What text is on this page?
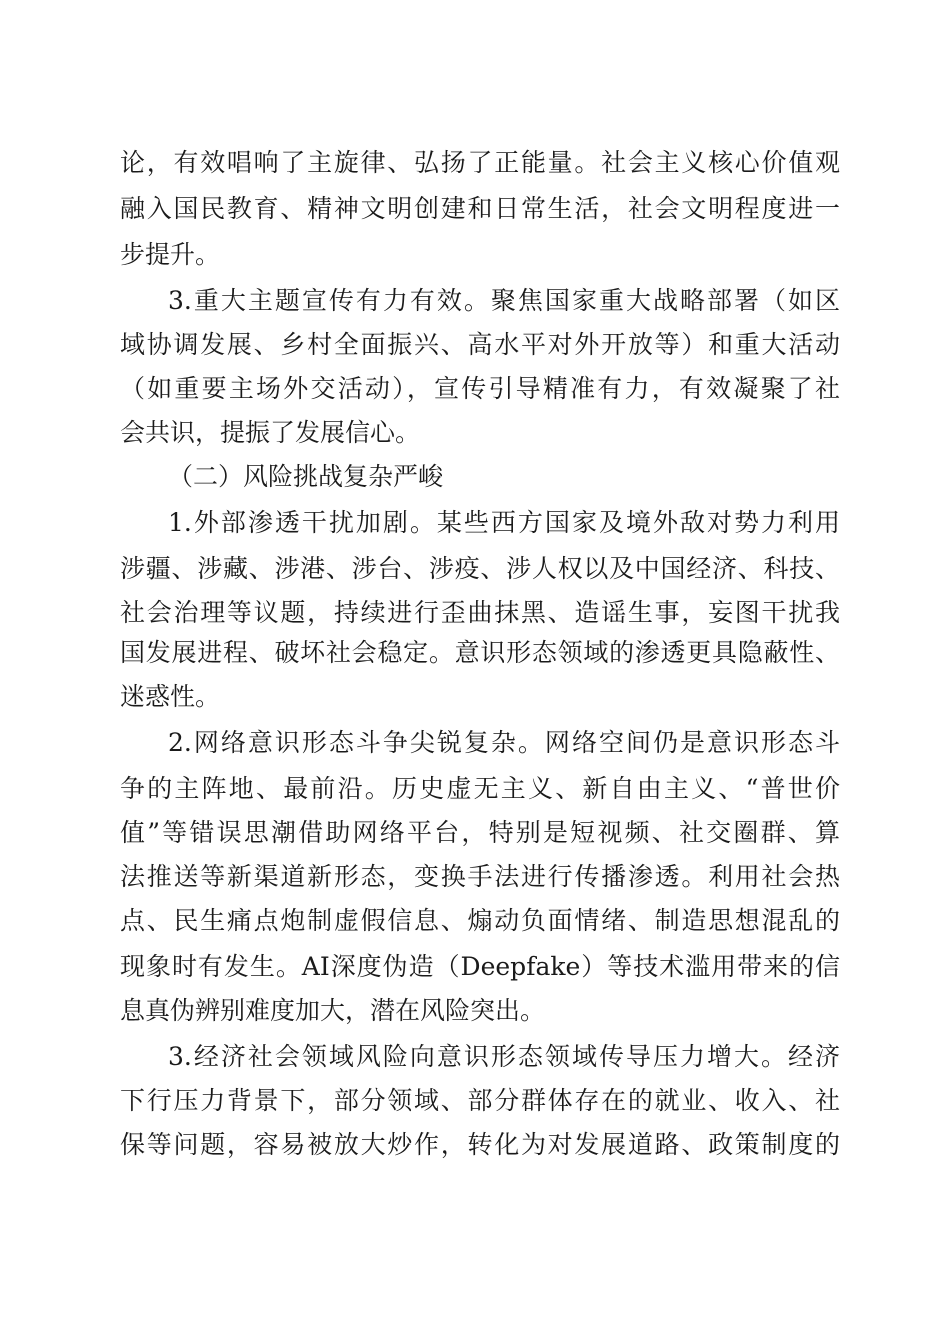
论，有效唱响了主旋律、弘扬了正能量。社会主义核心价值观
融入国民教育、精神文明创建和日常生活，社会文明程度进一
步提升。
3.重大主题宣传有力有效。聚焦国家重大战略部署（如区
域协调发展、乡村全面振兴、高水平对外开放等）和重大活动
（如重要主场外交活动），宣传引导精准有力，有效凝聚了社
会共识，提振了发展信心。
（二）风险挑战复杂严峻
1.外部渗透干扰加剧。某些西方国家及境外敌对势力利用
涉疆、涉藏、涉港、涉台、涉疫、涉人权以及中国经济、科技、
社会治理等议题，持续进行歪曲抹黑、造谣生事，妄图干扰我
国发展进程、破坏社会稳定。意识形态领域的渗透更具隐蔽性、
迷惑性。
2.网络意识形态斗争尖锐复杂。网络空间仍是意识形态斗
争的主阵地、最前沿。历史虚无主义、新自由主义、“普世价
值”等错误思潮借助网络平台，特别是短视频、社交圈群、算
法推送等新渠道新形态，变换手法进行传播渗透。利用社会热
点、民生痛点炮制虚假信息、煽动负面情绪、制造思想混乱的
现象时有发生。AI深度伪造（Deepfake）等技术滥用带来的信
息真伪辨别难度加大，潜在风险突出。
3.经济社会领域风险向意识形态领域传导压力增大。经济
下行压力背景下，部分领域、部分群体存在的就业、收入、社
保等问题，容易被放大炒作，转化为对发展道路、政策制度的
